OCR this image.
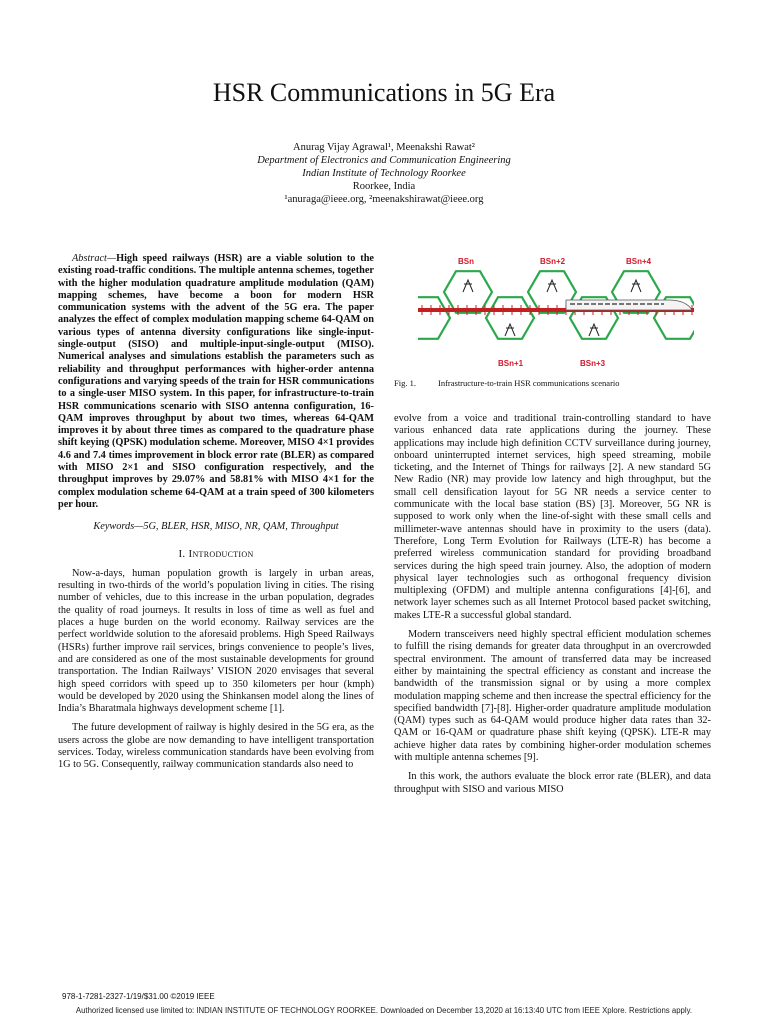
HSR Communications in 5G Era
Anurag Vijay Agrawal¹, Meenakshi Rawat²
Department of Electronics and Communication Engineering
Indian Institute of Technology Roorkee
Roorkee, India
¹anuraga@ieee.org, ²meenakshirawat@ieee.org

Abstract—High speed railways (HSR) are a viable solution to the existing road-traffic conditions. The multiple antenna schemes, together with the higher modulation quadrature amplitude modulation (QAM) mapping schemes, have become a boon for modern HSR communication systems with the advent of the 5G era. The paper analyzes the effect of complex modulation mapping scheme 64-QAM on various types of antenna diversity configurations like single-input-single-output (SISO) and multiple-input-single-output (MISO). Numerical analyses and simulations establish the parameters such as reliability and throughput performances with higher-order antenna configurations and varying speeds of the train for HSR communications to a single-user MISO system. In this paper, for infrastructure-to-train HSR communications scenario with SISO antenna configuration, 16-QAM improves throughput by about two times, whereas 64-QAM improves it by about three times as compared to the quadrature phase shift keying (QPSK) modulation scheme. Moreover, MISO 4×1 provides 4.6 and 7.4 times improvement in block error rate (BLER) as compared with MISO 2×1 and SISO configuration respectively, and the throughput improves by 29.07% and 58.81% with MISO 4×1 for the complex modulation scheme 64-QAM at a train speed of 300 kilometers per hour.

Keywords—5G, BLER, HSR, MISO, NR, QAM, Throughput

I. Introduction

Now-a-days, human population growth is largely in urban areas, resulting in two-thirds of the world’s population living in cities. The rising number of vehicles, due to this increase in the urban population, degrades the quality of road journeys. It results in loss of time as well as fuel and places a huge burden on the world economy. Railway services are the perfect worldwide solution to the aforesaid problems. High Speed Railways (HSRs) further improve rail services, brings convenience to people’s lives, and are considered as one of the most sustainable developments for ground transportation. The Indian Railways’ VISION 2020 envisages that several high speed corridors with speed up to 350 kilometers per hour (kmph) would be developed by 2020 using the Shinkansen model along the lines of India’s Bharatmala highways development scheme [1].

The future development of railway is highly desired in the 5G era, as the users across the globe are now demanding to have intelligent transportation services. Today, wireless communication standards have been evolving from 1G to 5G. Consequently, railway communication standards also need to

BSn	BSn+2	BSn+4
BSn+1	BSn+3
Fig. 1.	Infrastructure-to-train HSR communications scenario

evolve from a voice and traditional train-controlling standard to have various enhanced data rate applications during the journey. These applications may include high definition CCTV surveillance during journey, onboard uninterrupted internet services, high speed streaming, mobile ticketing, and the Internet of Things for railways [2]. A new standard 5G New Radio (NR) may provide low latency and high throughput, but the small cell densification layout for 5G NR needs a service center to communicate with the local base station (BS) [3]. Moreover, 5G NR is supposed to work only when the line-of-sight with these small cells and millimeter-wave antennas should have in proximity to the users (data). Therefore, Long Term Evolution for Railways (LTE-R) has become a preferred wireless communication standard for providing broadband services during the high speed train journey. Also, the adoption of modern physical layer technologies such as orthogonal frequency division multiplexing (OFDM) and multiple antenna configurations [4]-[6], and network layer schemes such as all Internet Protocol based packet switching, makes LTE-R a successful global standard.

Modern transceivers need highly spectral efficient modulation schemes to fulfill the rising demands for greater data throughput in an overcrowded spectral environment. The amount of transferred data may be increased either by maintaining the spectral efficiency as constant and increase the bandwidth of the transmission signal or by using a more complex modulation mapping scheme and then increase the spectral efficiency for the specified bandwidth [7]-[8]. Higher-order quadrature amplitude modulation (QAM) types such as 64-QAM would produce higher data rates than 32-QAM or 16-QAM or quadrature phase shift keying (QPSK). LTE-R may achieve higher data rates by combining higher-order modulation schemes with multiple antenna schemes [9].

In this work, the authors evaluate the block error rate (BLER), and data throughput with SISO and various MISO

978-1-7281-2327-1/19/$31.00 ©2019 IEEE
Authorized licensed use limited to: INDIAN INSTITUTE OF TECHNOLOGY ROORKEE. Downloaded on December 13,2020 at 16:13:40 UTC from IEEE Xplore. Restrictions apply.
